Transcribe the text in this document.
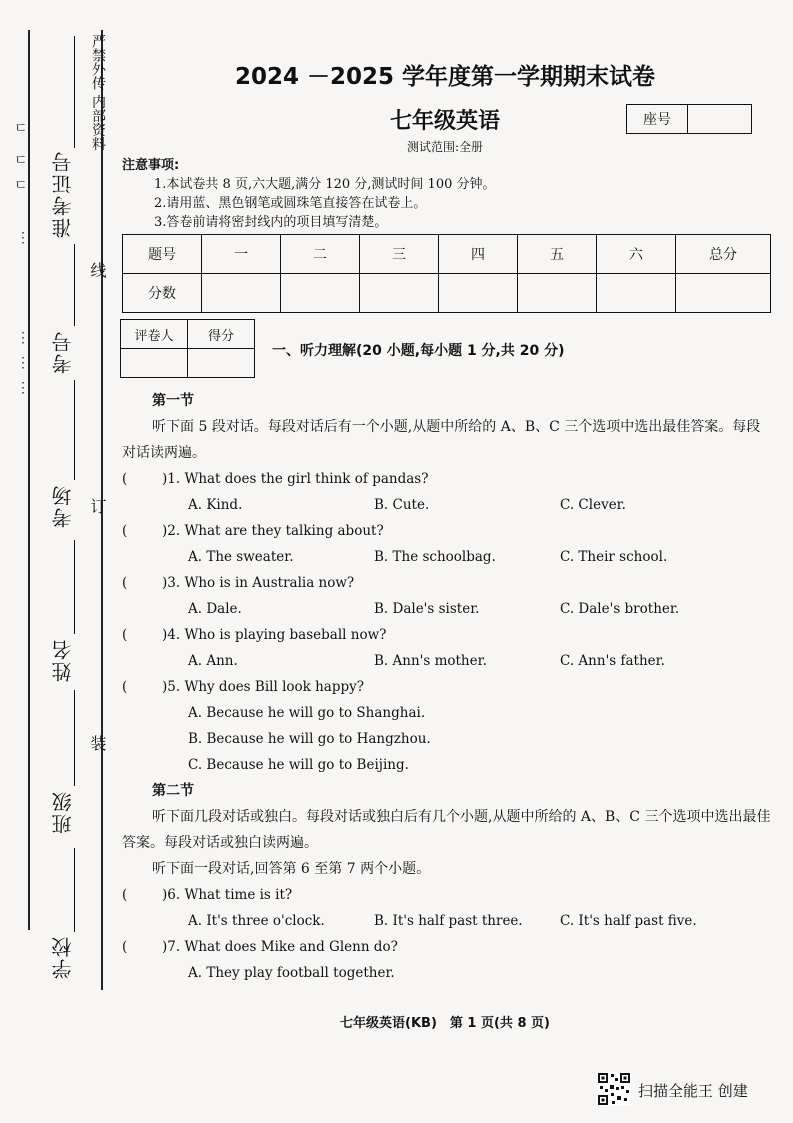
ㄷ
ㄷ
ㄷ
⋮
⋮
⋮
⋮
准考证号
考号
考场
姓名
班级
学校
严禁外传 内部资料
线
订
装
2024 －2025 学年度第一学期期末试卷
七年级英语
测试范围:全册
座号
注意事项:
1.本试卷共 8 页,六大题,满分 120 分,测试时间 100 分钟。
2.请用蓝、黑色钢笔或圆珠笔直接答在试卷上。
3.答卷前请将密封线内的项目填写清楚。
题号	一	二	三	四	五	六	总分
分数							
评卷人	得分

一、听力理解(20 小题,每小题 1 分,共 20 分)
第一节
听下面 5 段对话。每段对话后有一个小题,从题中所给的 A、B、C 三个选项中选出最佳答案。每段对话读两遍。
(	)1. What does the girl think of pandas?
A. Kind.	B. Cute.	C. Clever.
(	)2. What are they talking about?
A. The sweater.	B. The schoolbag.	C. Their school.
(	)3. Who is in Australia now?
A. Dale.	B. Dale's sister.	C. Dale's brother.
(	)4. Who is playing baseball now?
A. Ann.	B. Ann's mother.	C. Ann's father.
(	)5. Why does Bill look happy?
A. Because he will go to Shanghai.
B. Because he will go to Hangzhou.
C. Because he will go to Beijing.
第二节
听下面几段对话或独白。每段对话或独白后有几个小题,从题中所给的 A、B、C 三个选项中选出最佳答案。每段对话或独白读两遍。
听下面一段对话,回答第 6 至第 7 两个小题。
(	)6. What time is it?
A. It's three o'clock.	B. It's half past three.	C. It's half past five.
(	)7. What does Mike and Glenn do?
A. They play football together.
七年级英语(KB)　第 1 页(共 8 页)
扫描全能王 创建
